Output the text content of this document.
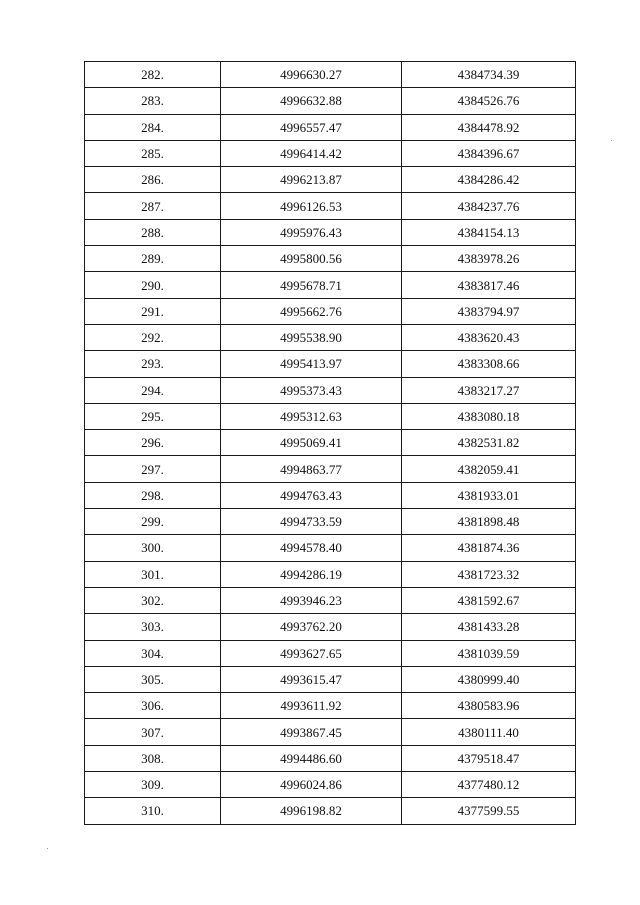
282.	4996630.27	4384734.39
283.	4996632.88	4384526.76
284.	4996557.47	4384478.92
285.	4996414.42	4384396.67
286.	4996213.87	4384286.42
287.	4996126.53	4384237.76
288.	4995976.43	4384154.13
289.	4995800.56	4383978.26
290.	4995678.71	4383817.46
291.	4995662.76	4383794.97
292.	4995538.90	4383620.43
293.	4995413.97	4383308.66
294.	4995373.43	4383217.27
295.	4995312.63	4383080.18
296.	4995069.41	4382531.82
297.	4994863.77	4382059.41
298.	4994763.43	4381933.01
299.	4994733.59	4381898.48
300.	4994578.40	4381874.36
301.	4994286.19	4381723.32
302.	4993946.23	4381592.67
303.	4993762.20	4381433.28
304.	4993627.65	4381039.59
305.	4993615.47	4380999.40
306.	4993611.92	4380583.96
307.	4993867.45	4380111.40
308.	4994486.60	4379518.47
309.	4996024.86	4377480.12
310.	4996198.82	4377599.55
